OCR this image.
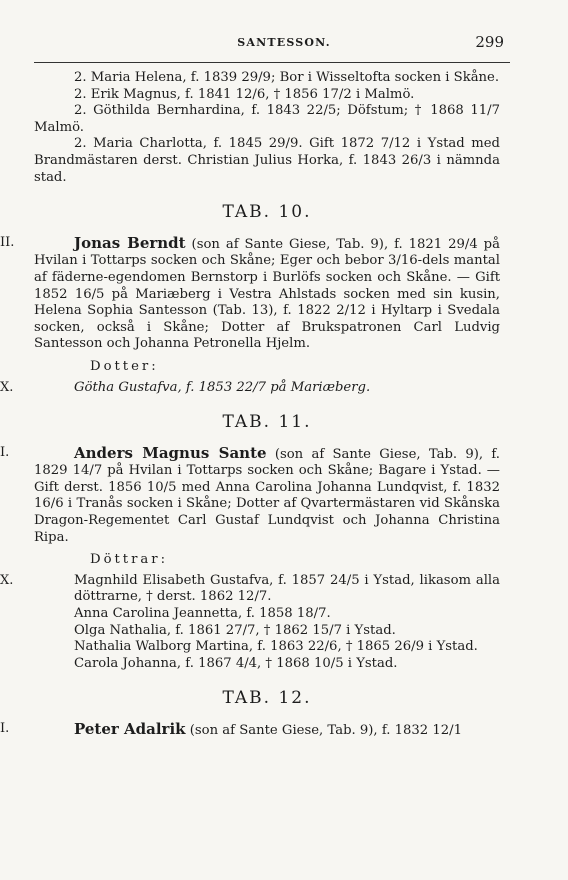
SANTESSON.	299

2. Maria Helena, f. 1839 29/9; Bor i Wisseltofta socken i Skåne.

2. Erik Magnus, f. 1841 12/6, † 1856 17/2 i Malmö.

2. Göthilda Bernhardina, f. 1843 22/5; Döfstum; † 1868 11/7 Malmö.

2. Maria Charlotta, f. 1845 29/9. Gift 1872 7/12 i Ystad med Brandmästaren derst. Christian Julius Horka, f. 1843 26/3 i nämnda stad.

TAB. 10.
II.	Jonas Berndt (son af Sante Giese, Tab. 9), f. 1821 29/4 på Hvilan i Tottarps socken och Skåne; Eger och bebor 3/16-dels mantal af fäderne-egendomen Bernstorp i Burlöfs socken och Skåne. — Gift 1852 16/5 på Mariæberg i Vestra Ahlstads socken med sin kusin, Helena Sophia Santesson (Tab. 13), f. 1822 2/12 i Hyltarp i Svedala socken, också i Skåne; Dotter af Brukspatronen Carl Ludvig Santesson och Johanna Petronella Hjelm.

Dotter:
X.	Götha Gustafva, f. 1853 22/7 på Mariæberg.

TAB. 11.
I.	Anders Magnus Sante (son af Sante Giese, Tab. 9), f. 1829 14/7 på Hvilan i Tottarps socken och Skåne; Bagare i Ystad. — Gift derst. 1856 10/5 med Anna Carolina Johanna Lundqvist, f. 1832 16/6 i Tranås socken i Skåne; Dotter af Qvartermästaren vid Skånska Dragon-Regementet Carl Gustaf Lundqvist och Johanna Christina Ripa.

Döttrar:
X.	Magnhild Elisabeth Gustafva, f. 1857 24/5 i Ystad, likasom alla döttrarne, † derst. 1862 12/7.

Anna Carolina Jeannetta, f. 1858 18/7.

Olga Nathalia, f. 1861 27/7, † 1862 15/7 i Ystad.

Nathalia Walborg Martina, f. 1863 22/6, † 1865 26/9 i Ystad.

Carola Johanna, f. 1867 4/4, † 1868 10/5 i Ystad.

TAB. 12.
I.	Peter Adalrik (son af Sante Giese, Tab. 9), f. 1832 12/1
